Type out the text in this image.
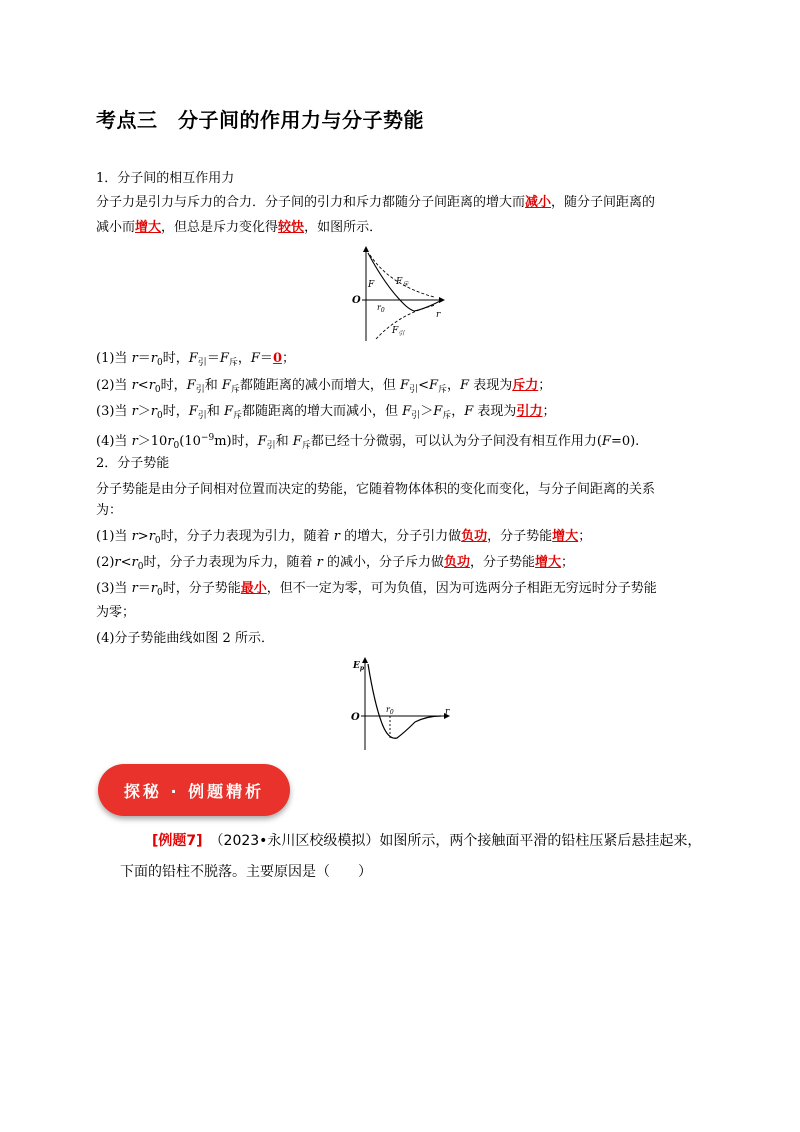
考点三　分子间的作用力与分子势能
1．分子间的相互作用力
分子力是引力与斥力的合力．分子间的引力和斥力都随分子间距离的增大而减小，随分子间距离的
减小而增大，但总是斥力变化得较快，如图所示．
O
F
$r_0$	r
$F_斥$
$F_引$
(1)当 $r=r_0$时，$F_引=F_斥$，F＝0；
(2)当 $r<r_0$时，$F_引$和 $F_斥$都随距离的减小而增大，但 $F_引<F_斥$，F 表现为斥力；
(3)当 $r>r_0$时，$F_引$和 $F_斥$都随距离的增大而减小，但 $F_引>F_斥$，F 表现为引力；
(4)当 $r>10r_0(10^{-9}m)$时，$F_引$和 $F_斥$都已经十分微弱，可以认为分子间没有相互作用力(F=0).
2．分子势能
分子势能是由分子间相对位置而决定的势能，它随着物体体积的变化而变化，与分子间距离的关系
为：
(1)当 $r>r_0$时，分子力表现为引力，随着 r 的增大，分子引力做负功，分子势能增大；
$(2)r<r_0$时，分子力表现为斥力，随着 r 的减小，分子斥力做负功，分子势能增大；
(3)当 $r=r_0$时，分子势能最小，但不一定为零，可为负值，因为可选两分子相距无穷远时分子势能
为零；
(4)分子势能曲线如图 2 所示．
$E_p$
O
$r_0$	r
探秘 · 例题精析
[例题7]　 （2023•永川区校级模拟）如图所示，两个接触面平滑的铅柱压紧后悬挂起来，
下面的铅柱不脱落。主要原因是（　　）
